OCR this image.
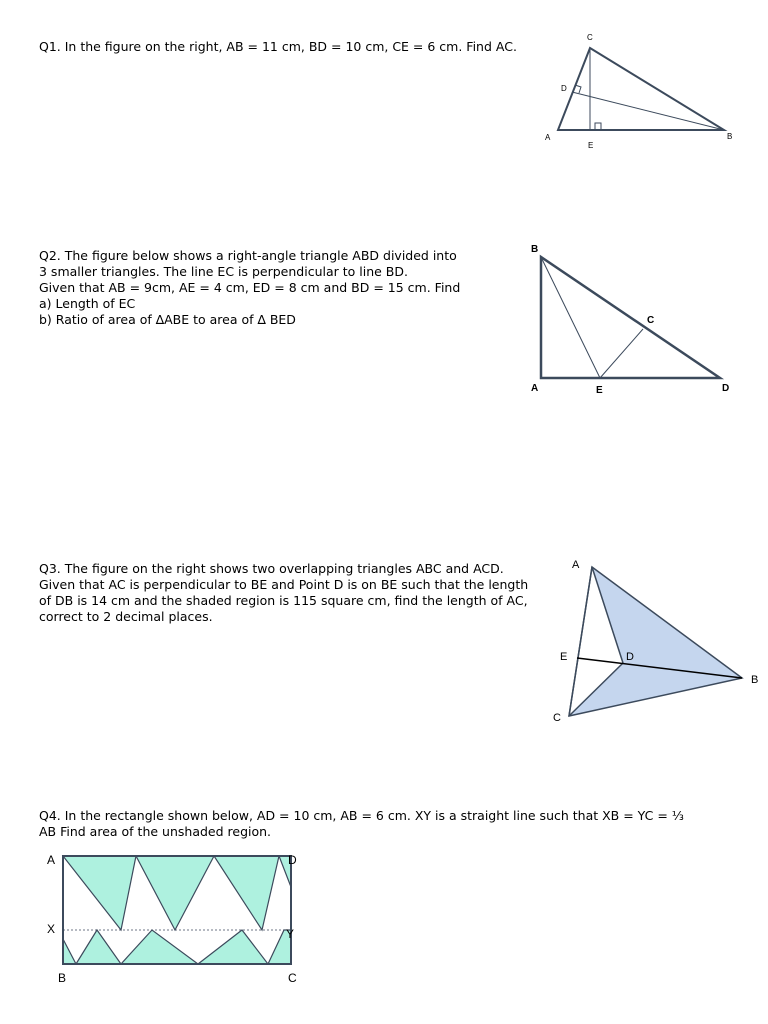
Q1. In the figure on the right, AB = 11 cm, BD = 10 cm, CE = 6 cm. Find AC.

C
D
A
E
B

Q2. The figure below shows a right-angle triangle ABD divided into

3 smaller triangles. The line EC is perpendicular to line BD.

Given that AB = 9cm, AE = 4 cm, ED = 8 cm and BD = 15 cm. Find

a) Length of EC

b) Ratio of area of ∆ABE to area of ∆ BED

B
C
A	E	D

Q3. The figure on the right shows two overlapping triangles ABC and ACD.

Given that AC is perpendicular to BE and Point D is on BE such that the length

of DB is 14 cm and the shaded region is 115 square cm, find the length of AC,

correct to 2 decimal places.

A
E	D
B
C

Q4. In the rectangle shown below, AD = 10 cm, AB = 6 cm. XY is a straight line such that XB = YC = ⅓

AB Find area of the unshaded region.

A	D
X	Y
B	C
